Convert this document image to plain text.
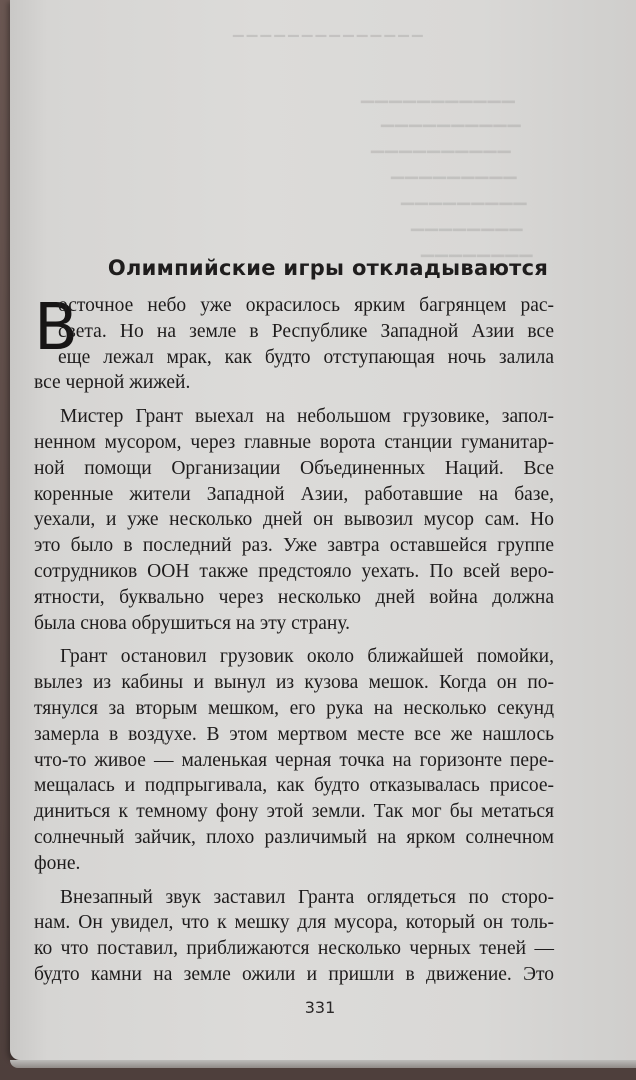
▔▔▔▔▔▔▔▔▔▔▔▔▔▔
▁▁▁▁▁▁▁▁▁▁▁
▁▁▁▁▁▁▁▁▁▁
▁▁▁▁▁▁▁▁▁▁
▁▁▁▁▁▁▁▁▁
▁▁▁▁▁▁▁▁▁
▁▁▁▁▁▁▁▁
▁▁▁▁▁▁▁▁
Олимпийские игры откладываются
В
осточное небо уже окрасилось ярким багрянцем рас-
света. Но на земле в Республике Западной Азии все
еще лежал мрак, как будто отступающая ночь залила
все черной жижей.
Мистер Грант выехал на небольшом грузовике, запол-
ненном мусором, через главные ворота станции гуманитар-
ной помощи Организации Объединенных Наций. Все
коренные жители Западной Азии, работавшие на базе,
уехали, и уже несколько дней он вывозил мусор сам. Но
это было в последний раз. Уже завтра оставшейся группе
сотрудников ООН также предстояло уехать. По всей веро-
ятности, буквально через несколько дней война должна
была снова обрушиться на эту страну.
Грант остановил грузовик около ближайшей помойки,
вылез из кабины и вынул из кузова мешок. Когда он по-
тянулся за вторым мешком, его рука на несколько секунд
замерла в воздухе. В этом мертвом месте все же нашлось
что-то живое — маленькая черная точка на горизонте пере-
мещалась и подпрыгивала, как будто отказывалась присое-
диниться к темному фону этой земли. Так мог бы метаться
солнечный зайчик, плохо различимый на ярком солнечном
фоне.
Внезапный звук заставил Гранта оглядеться по сторо-
нам. Он увидел, что к мешку для мусора, который он толь-
ко что поставил, приближаются несколько черных теней —
будто камни на земле ожили и пришли в движение. Это
331
